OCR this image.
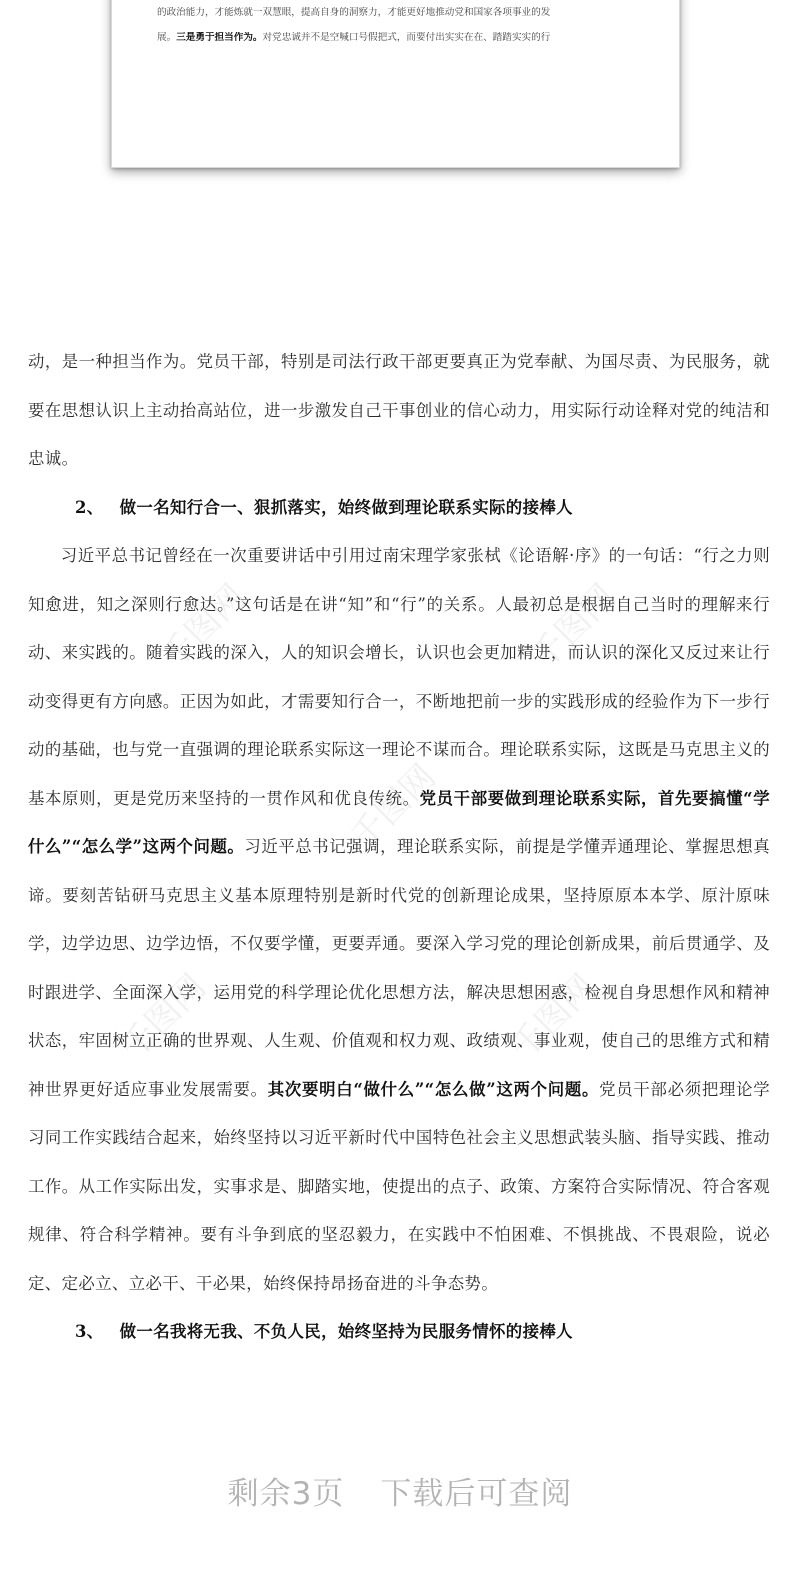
的政治能力，才能炼就一双慧眼，提高自身的洞察力，才能更好地推动党和国家各项事业的发
展。三是勇于担当作为。对党忠诚并不是空喊口号假把式，而要付出实实在在、踏踏实实的行
千图网
千图网
千图网
千图网	千图网

动，是一种担当作为。党员干部，特别是司法行政干部更要真正为党奉献、为国尽责、为民服务，就要在思想认识上主动抬高站位，进一步激发自己干事创业的信心动力，用实际行动诠释对党的纯洁和忠诚。

2、 做一名知行合一、狠抓落实，始终做到理论联系实际的接棒人

习近平总书记曾经在一次重要讲话中引用过南宋理学家张栻《论语解·序》的一句话：“行之力则知愈进，知之深则行愈达。”这句话是在讲“知”和“行”的关系。人最初总是根据自己当时的理解来行动、来实践的。随着实践的深入，人的知识会增长，认识也会更加精进，而认识的深化又反过来让行动变得更有方向感。正因为如此，才需要知行合一，不断地把前一步的实践形成的经验作为下一步行动的基础，也与党一直强调的理论联系实际这一理论不谋而合。理论联系实际，这既是马克思主义的基本原则，更是党历来坚持的一贯作风和优良传统。党员干部要做到理论联系实际，首先要搞懂“学什么”“怎么学”这两个问题。习近平总书记强调，理论联系实际，前提是学懂弄通理论、掌握思想真谛。要刻苦钻研马克思主义基本原理特别是新时代党的创新理论成果，坚持原原本本学、原汁原味学，边学边思、边学边悟，不仅要学懂，更要弄通。要深入学习党的理论创新成果，前后贯通学、及时跟进学、全面深入学，运用党的科学理论优化思想方法，解决思想困惑，检视自身思想作风和精神状态，牢固树立正确的世界观、人生观、价值观和权力观、政绩观、事业观，使自己的思维方式和精神世界更好适应事业发展需要。其次要明白“做什么”“怎么做”这两个问题。党员干部必须把理论学习同工作实践结合起来，始终坚持以习近平新时代中国特色社会主义思想武装头脑、指导实践、推动工作。从工作实际出发，实事求是、脚踏实地，使提出的点子、政策、方案符合实际情况、符合客观规律、符合科学精神。要有斗争到底的坚忍毅力，在实践中不怕困难、不惧挑战、不畏艰险，说必定、定必立、立必干、干必果，始终保持昂扬奋进的斗争态势。

3、 做一名我将无我、不负人民，始终坚持为民服务情怀的接棒人

剩余3页 下载后可查阅
